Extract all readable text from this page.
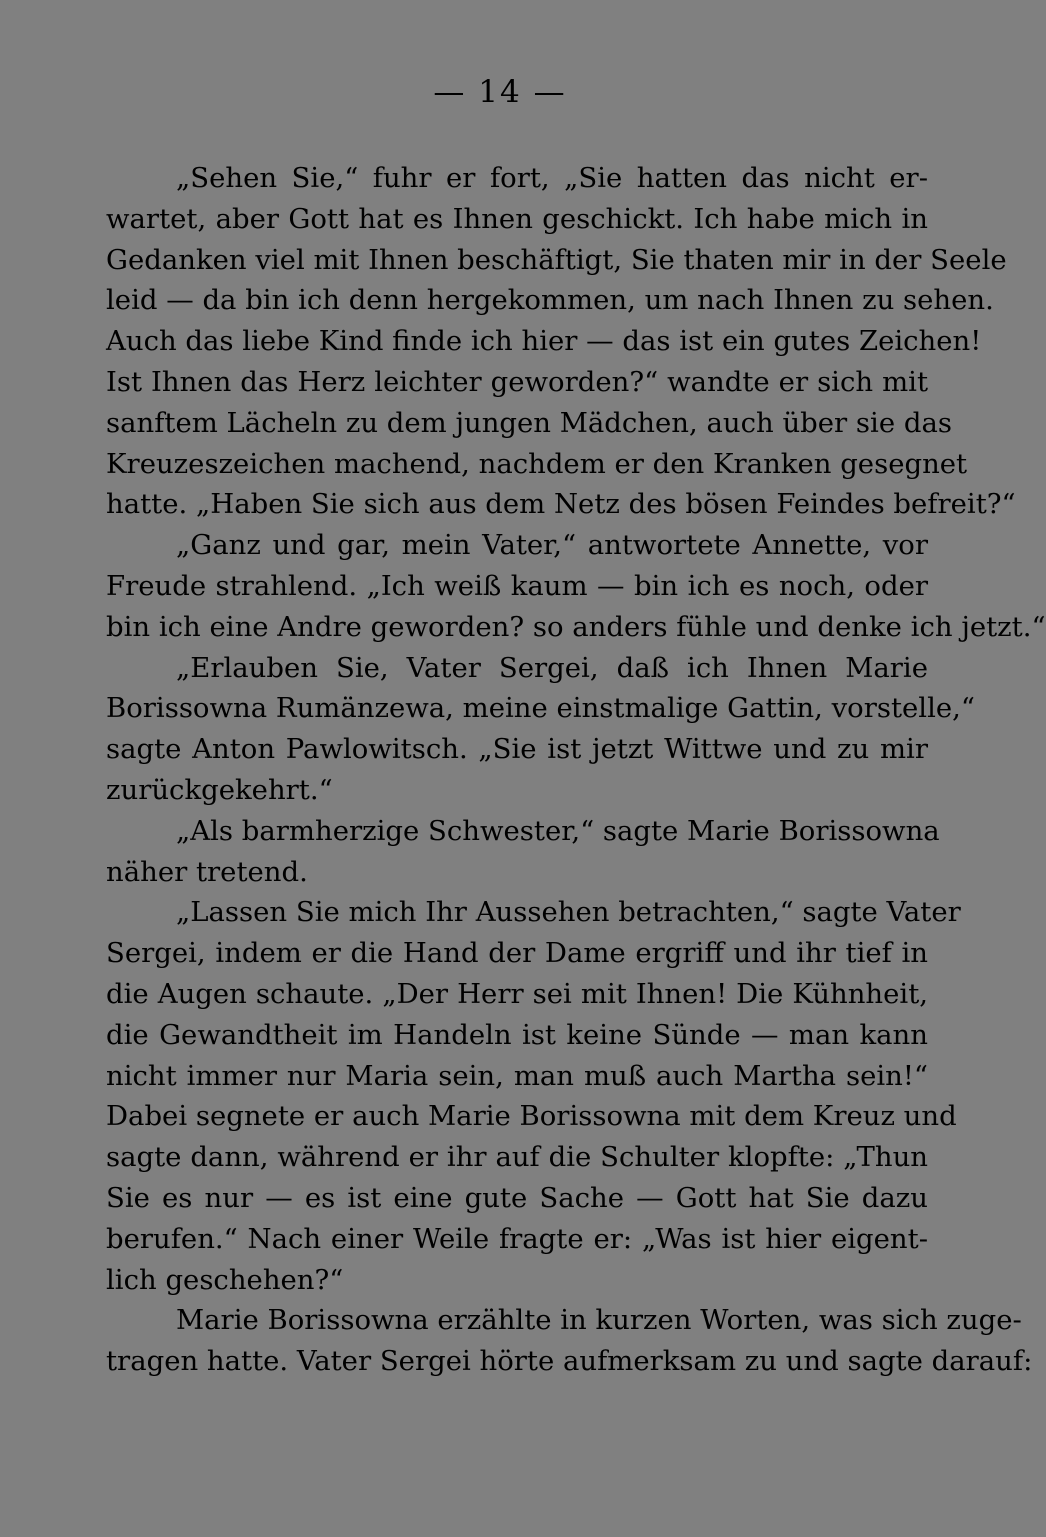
— 14 —
„Sehen Sie,“ fuhr er fort, „Sie hatten das nicht er-
wartet, aber Gott hat es Ihnen geschickt. Ich habe mich in
Gedanken viel mit Ihnen beschäftigt, Sie thaten mir in der Seele
leid — da bin ich denn hergekommen, um nach Ihnen zu sehen.
Auch das liebe Kind finde ich hier — das ist ein gutes Zeichen!
Ist Ihnen das Herz leichter geworden?“ wandte er sich mit
sanftem Lächeln zu dem jungen Mädchen, auch über sie das
Kreuzeszeichen machend, nachdem er den Kranken gesegnet
hatte. „Haben Sie sich aus dem Netz des bösen Feindes befreit?“
„Ganz und gar, mein Vater,“ antwortete Annette, vor
Freude strahlend. „Ich weiß kaum — bin ich es noch, oder
bin ich eine Andre geworden? so anders fühle und denke ich jetzt.“
„Erlauben Sie, Vater Sergei, daß ich Ihnen Marie
Borissowna Rumänzewa, meine einstmalige Gattin, vorstelle,“
sagte Anton Pawlowitsch. „Sie ist jetzt Wittwe und zu mir
zurückgekehrt.“
„Als barmherzige Schwester,“ sagte Marie Borissowna
näher tretend.
„Lassen Sie mich Ihr Aussehen betrachten,“ sagte Vater
Sergei, indem er die Hand der Dame ergriff und ihr tief in
die Augen schaute. „Der Herr sei mit Ihnen! Die Kühnheit,
die Gewandtheit im Handeln ist keine Sünde — man kann
nicht immer nur Maria sein, man muß auch Martha sein!“
Dabei segnete er auch Marie Borissowna mit dem Kreuz und
sagte dann, während er ihr auf die Schulter klopfte: „Thun
Sie es nur — es ist eine gute Sache — Gott hat Sie dazu
berufen.“ Nach einer Weile fragte er: „Was ist hier eigent-
lich geschehen?“
Marie Borissowna erzählte in kurzen Worten, was sich zuge-
tragen hatte. Vater Sergei hörte aufmerksam zu und sagte darauf:
